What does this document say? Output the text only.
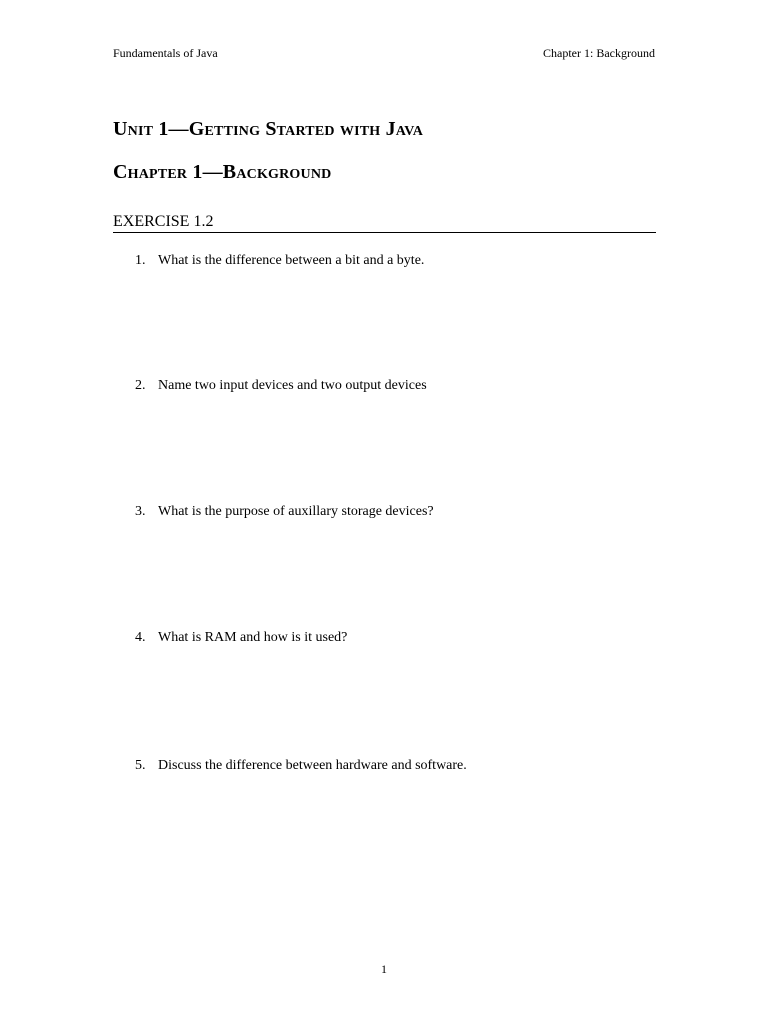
Fundamentals of Java	Chapter 1: Background
Unit 1—Getting Started with Java
Chapter 1—Background
EXERCISE 1.2
1. What is the difference between a bit and a byte.
2. Name two input devices and two output devices
3. What is the purpose of auxillary storage devices?
4. What is RAM and how is it used?
5. Discuss the difference between hardware and software.
1
